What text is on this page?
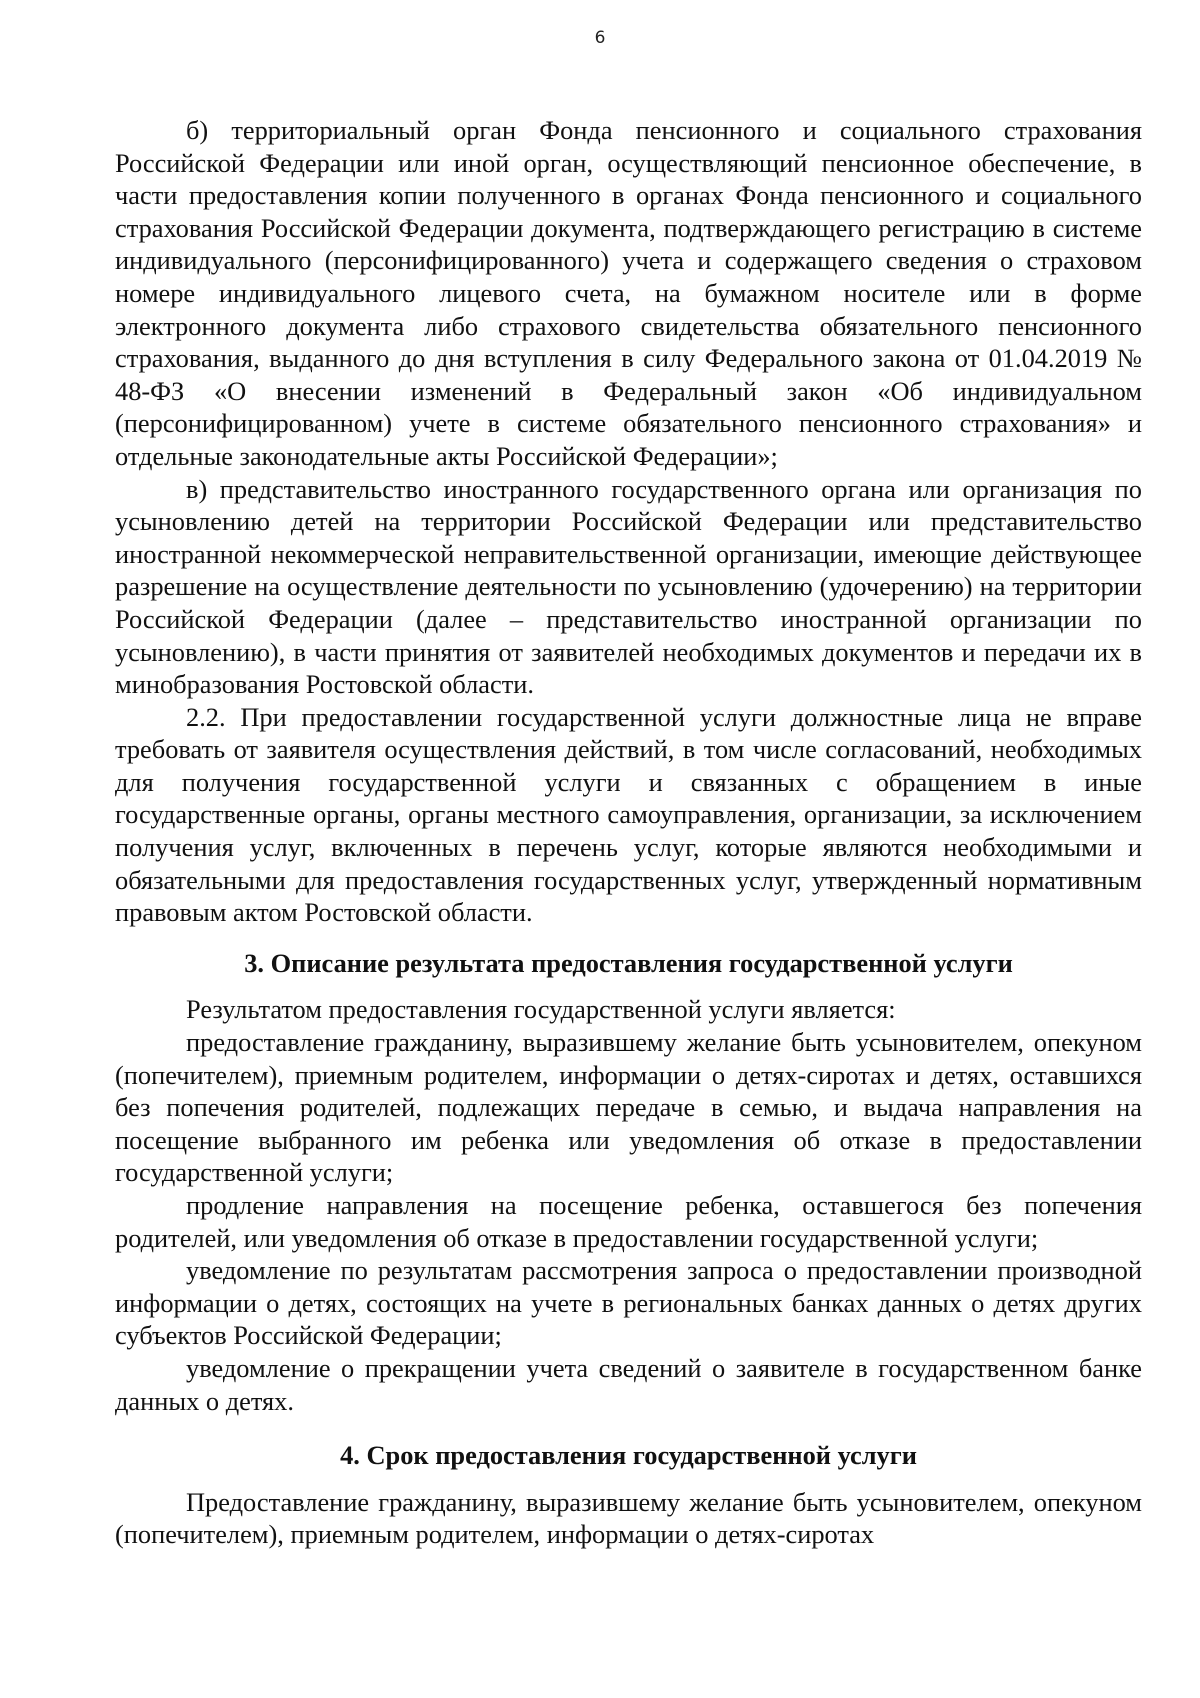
6

б) территориальный орган Фонда пенсионного и социального страхования Российской Федерации или иной орган, осуществляющий пенсионное обеспечение, в части предоставления копии полученного в органах Фонда пенсионного и социального страхования Российской Федерации документа, подтверждающего регистрацию в системе индивидуального (персонифицированного) учета и содержащего сведения о страховом номере индивидуального лицевого счета, на бумажном носителе или в форме электронного документа либо страхового свидетельства обязательного пенсионного страхования, выданного до дня вступления в силу Федерального закона от 01.04.2019 № 48-ФЗ «О внесении изменений в Федеральный закон «Об индивидуальном (персонифицированном) учете в системе обязательного пенсионного страхования» и отдельные законодательные акты Российской Федерации»;

в) представительство иностранного государственного органа или организация по усыновлению детей на территории Российской Федерации или представительство иностранной некоммерческой неправительственной организации, имеющие действующее разрешение на осуществление деятельности по усыновлению (удочерению) на территории Российской Федерации (далее – представительство иностранной организации по усыновлению), в части принятия от заявителей необходимых документов и передачи их в минобразования Ростовской области.

2.2. При предоставлении государственной услуги должностные лица не вправе требовать от заявителя осуществления действий, в том числе согласований, необходимых для получения государственной услуги и связанных с обращением в иные государственные органы, органы местного самоуправления, организации, за исключением получения услуг, включенных в перечень услуг, которые являются необходимыми и обязательными для предоставления государственных услуг, утвержденный нормативным правовым актом Ростовской области.

3. Описание результата предоставления государственной услуги

Результатом предоставления государственной услуги является:

предоставление гражданину, выразившему желание быть усыновителем, опекуном (попечителем), приемным родителем, информации о детях-сиротах и детях, оставшихся без попечения родителей, подлежащих передаче в семью, и выдача направления на посещение выбранного им ребенка или уведомления об отказе в предоставлении государственной услуги;

продление направления на посещение ребенка, оставшегося без попечения родителей, или уведомления об отказе в предоставлении государственной услуги;

уведомление по результатам рассмотрения запроса о предоставлении производной информации о детях, состоящих на учете в региональных банках данных о детях других субъектов Российской Федерации;

уведомление о прекращении учета сведений о заявителе в государственном банке данных о детях.

4. Срок предоставления государственной услуги

Предоставление гражданину, выразившему желание быть усыновителем, опекуном (попечителем), приемным родителем, информации о детях-сиротах
